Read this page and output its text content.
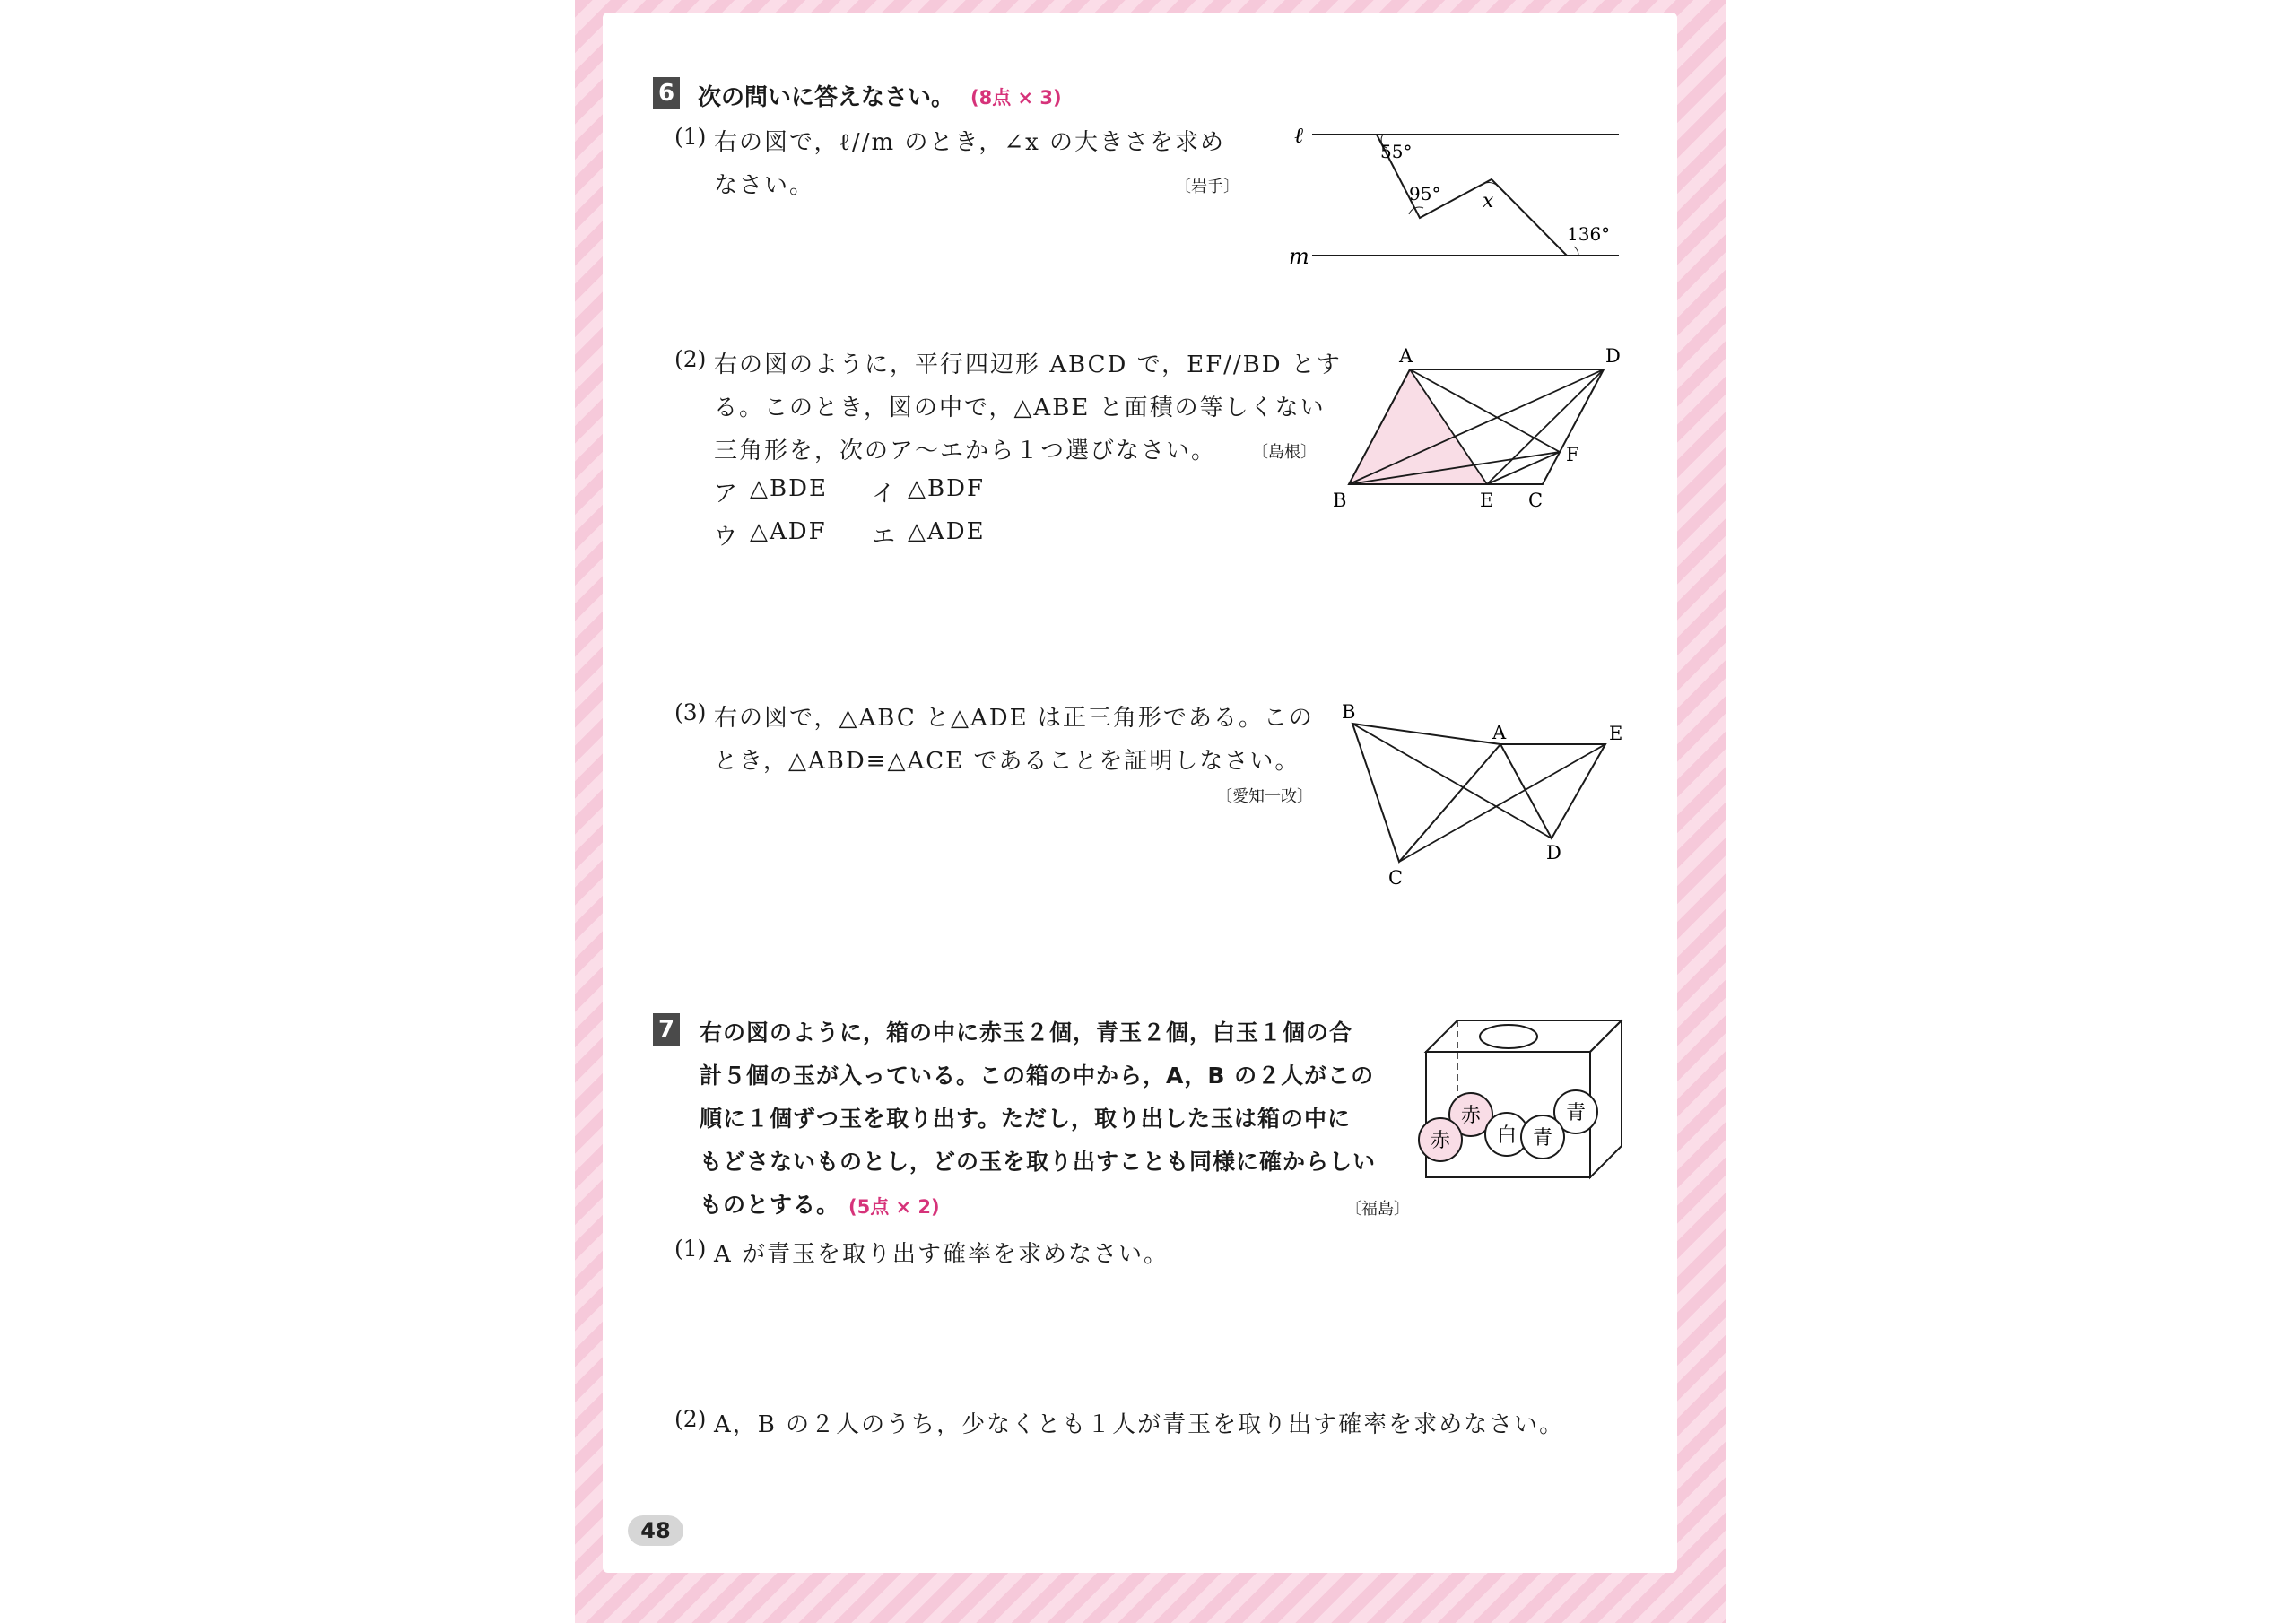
6 次の問いに答えなさい。 (8点 × 3)
(1) 右の図で，ℓ//m のとき，∠x の大きさを求め
なさい。	〔岩手〕
ℓ
m
55°
95° x
136°
(2) 右の図のように，平行四辺形 ABCD で，EF//BD とす
る。このとき，図の中で，△ABE と面積の等しくない
三角形を，次のア～エから１つ選びなさい。 〔島根〕
ア △BDE イ △BDF
ウ △ADF エ △ADE
A	D
B	E C
F
(3) 右の図で，△ABC と△ADE は正三角形である。この
とき，△ABD≡△ACE であることを証明しなさい。
〔愛知一改〕
B
A	E
D
C
7 右の図のように，箱の中に赤玉２個，青玉２個，白玉１個の合
計５個の玉が入っている。この箱の中から，A，B の２人がこの
順に１個ずつ玉を取り出す。ただし，取り出した玉は箱の中に
もどさないものとし，どの玉を取り出すことも同様に確からしい
ものとする。 (5点 × 2)	〔福島〕
赤	青
赤 白 青
(1) A が青玉を取り出す確率を求めなさい。
(2) A，B の２人のうち，少なくとも１人が青玉を取り出す確率を求めなさい。
48
